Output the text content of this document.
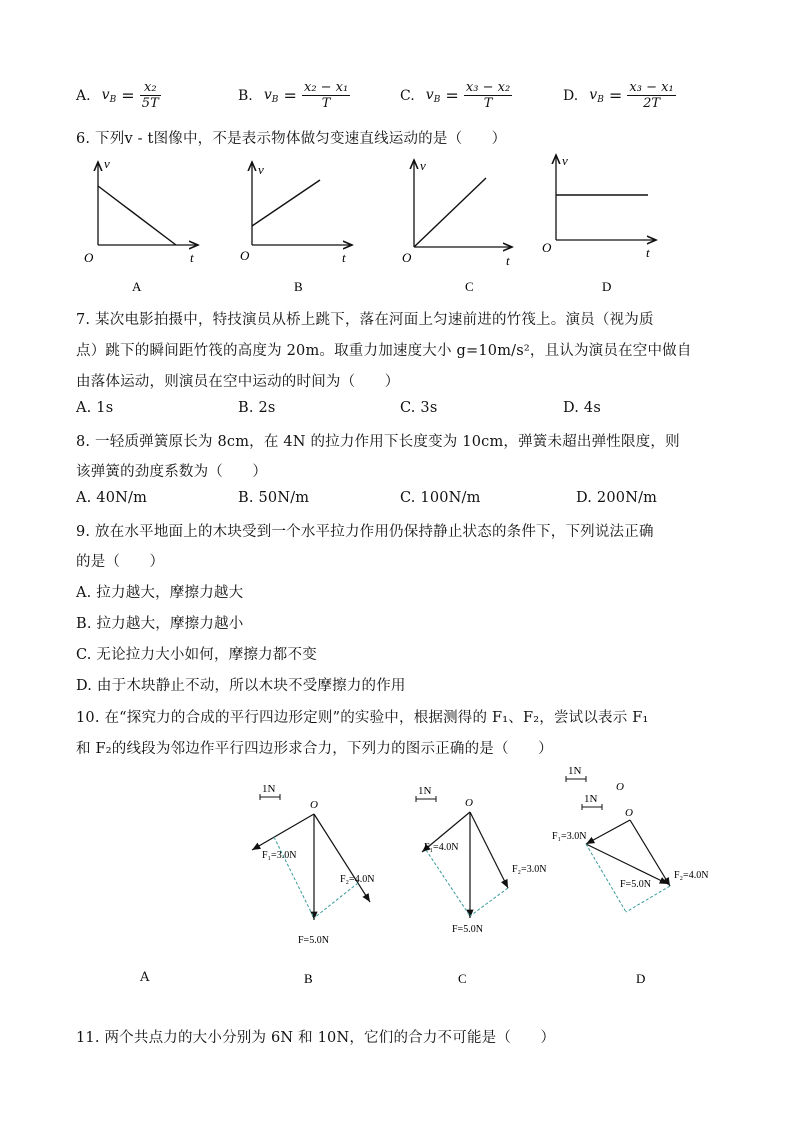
A. $v_B = \frac{\text{x₂}}{5T}$	B. $v_B = \frac{\text{x₂ − x₁}}{T}$	C. $v_B = \frac{\text{x₃ − x₂}}{T}$	D. $v_B = \frac{\text{x₃ − x₁}}{2T}$
6. 下列v - t图像中，不是表示物体做匀变速直线运动的是（　　）
v
t
O
A
v
t
O
B
v
t
O
C
v
t
O
D
7. 某次电影拍摄中，特技演员从桥上跳下，落在河面上匀速前进的竹筏上。演员（视为质
点）跳下的瞬间距竹筏的高度为 20m。取重力加速度大小 g=10m/s²，且认为演员在空中做自
由落体运动，则演员在空中运动的时间为（　　）
A. 1s	B. 2s	C. 3s	D. 4s
8. 一轻质弹簧原长为 8cm，在 4N 的拉力作用下长度变为 10cm，弹簧未超出弹性限度，则
该弹簧的劲度系数为（　　）
A. 40N/m	B. 50N/m	C. 100N/m	D. 200N/m
9. 放在水平地面上的木块受到一个水平拉力作用仍保持静止状态的条件下，下列说法正确
的是（　　）
A. 拉力越大，摩擦力越大
B. 拉力越大，摩擦力越小
C. 无论拉力大小如何，摩擦力都不变
D. 由于木块静止不动，所以木块不受摩擦力的作用
10. 在“探究力的合成的平行四边形定则”的实验中，根据测得的 F₁、F₂，尝试以表示 F₁
和 F₂的线段为邻边作平行四边形求合力，下列力的图示正确的是（　　）
1N
O
F₁=3.0N
F₂=4.0N
F=5.0N
B
1N
O
F₁=4.0N
F₂=3.0N
F=5.0N
C
1N
O
1N
O
F₁=3.0N
F₂=4.0N
F=5.0N
D
A
11. 两个共点力的大小分别为 6N 和 10N，它们的合力不可能是（　　）
